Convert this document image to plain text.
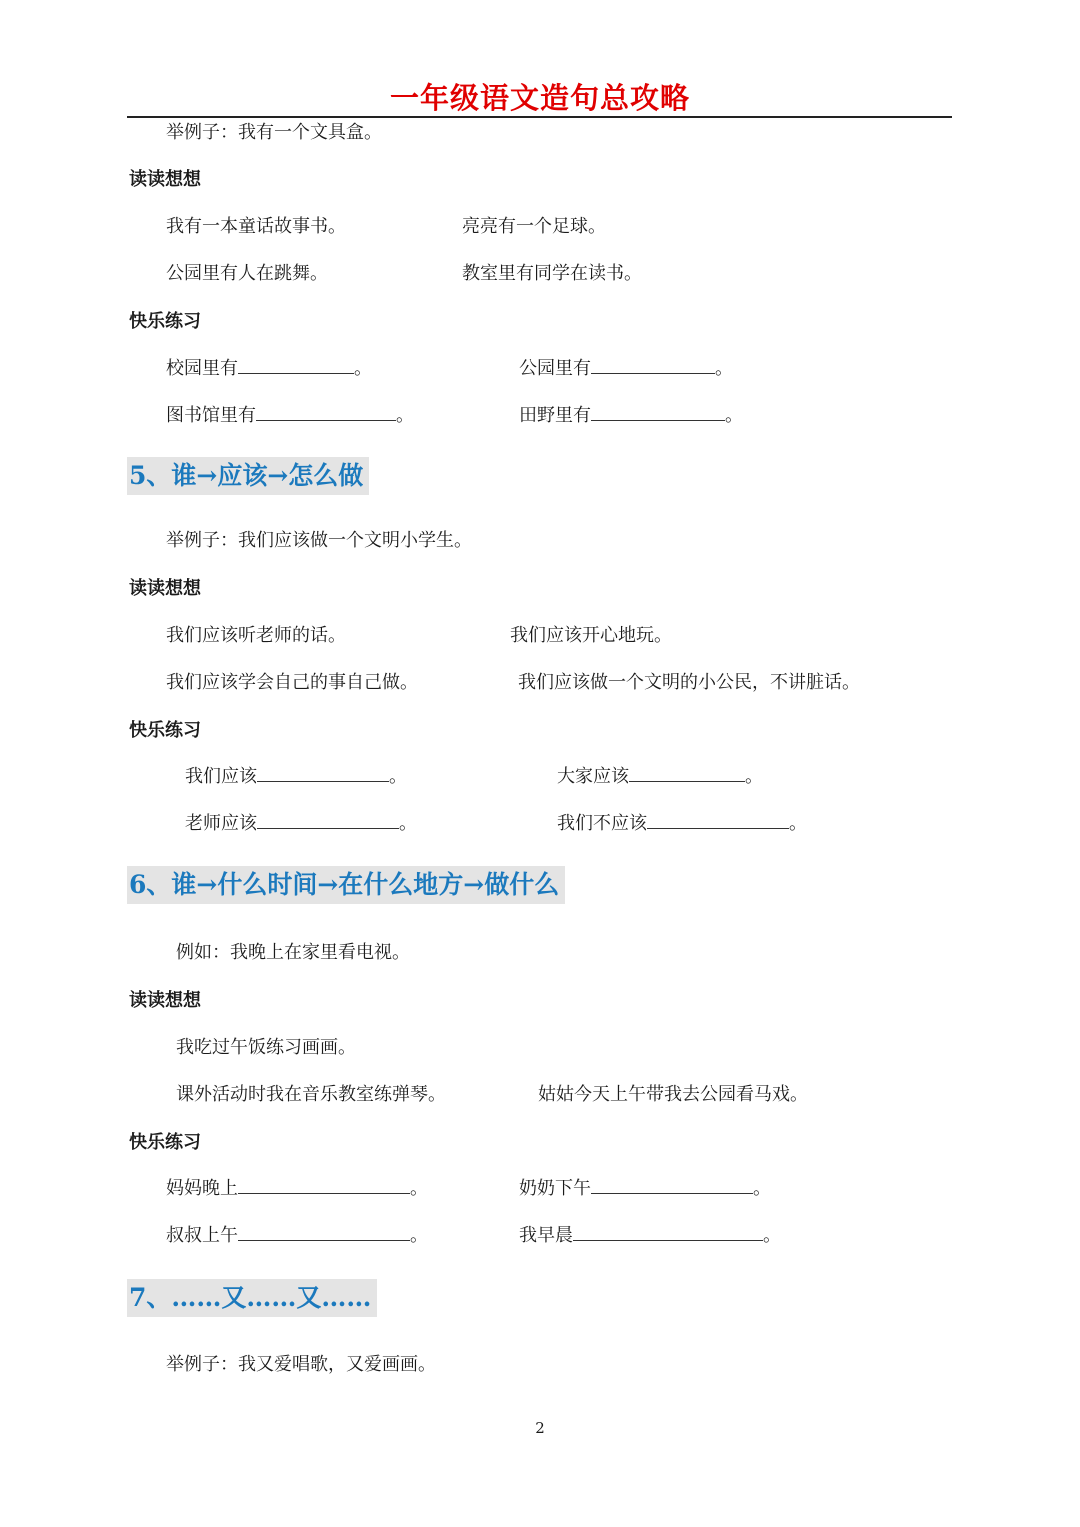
一年级语文造句总攻略
举例子：我有一个文具盒。
读读想想
我有一本童话故事书。	亮亮有一个足球。
公园里有人在跳舞。	教室里有同学在读书。
快乐练习
校园里有	。	公园里有	。
图书馆里有	。	田野里有	。
5、谁→应该→怎么做
举例子：我们应该做一个文明小学生。
读读想想
我们应该听老师的话。	我们应该开心地玩。
我们应该学会自己的事自己做。	我们应该做一个文明的小公民，不讲脏话。
快乐练习
我们应该	。	大家应该	。
老师应该	。	我们不应该	。
6、谁→什么时间→在什么地方→做什么
例如：我晚上在家里看电视。
读读想想
我吃过午饭练习画画。
课外活动时我在音乐教室练弹琴。	姑姑今天上午带我去公园看马戏。
快乐练习
妈妈晚上	。	奶奶下午	。
叔叔上午	。	我早晨	。
7、……又……又……
举例子：我又爱唱歌，又爱画画。
2
